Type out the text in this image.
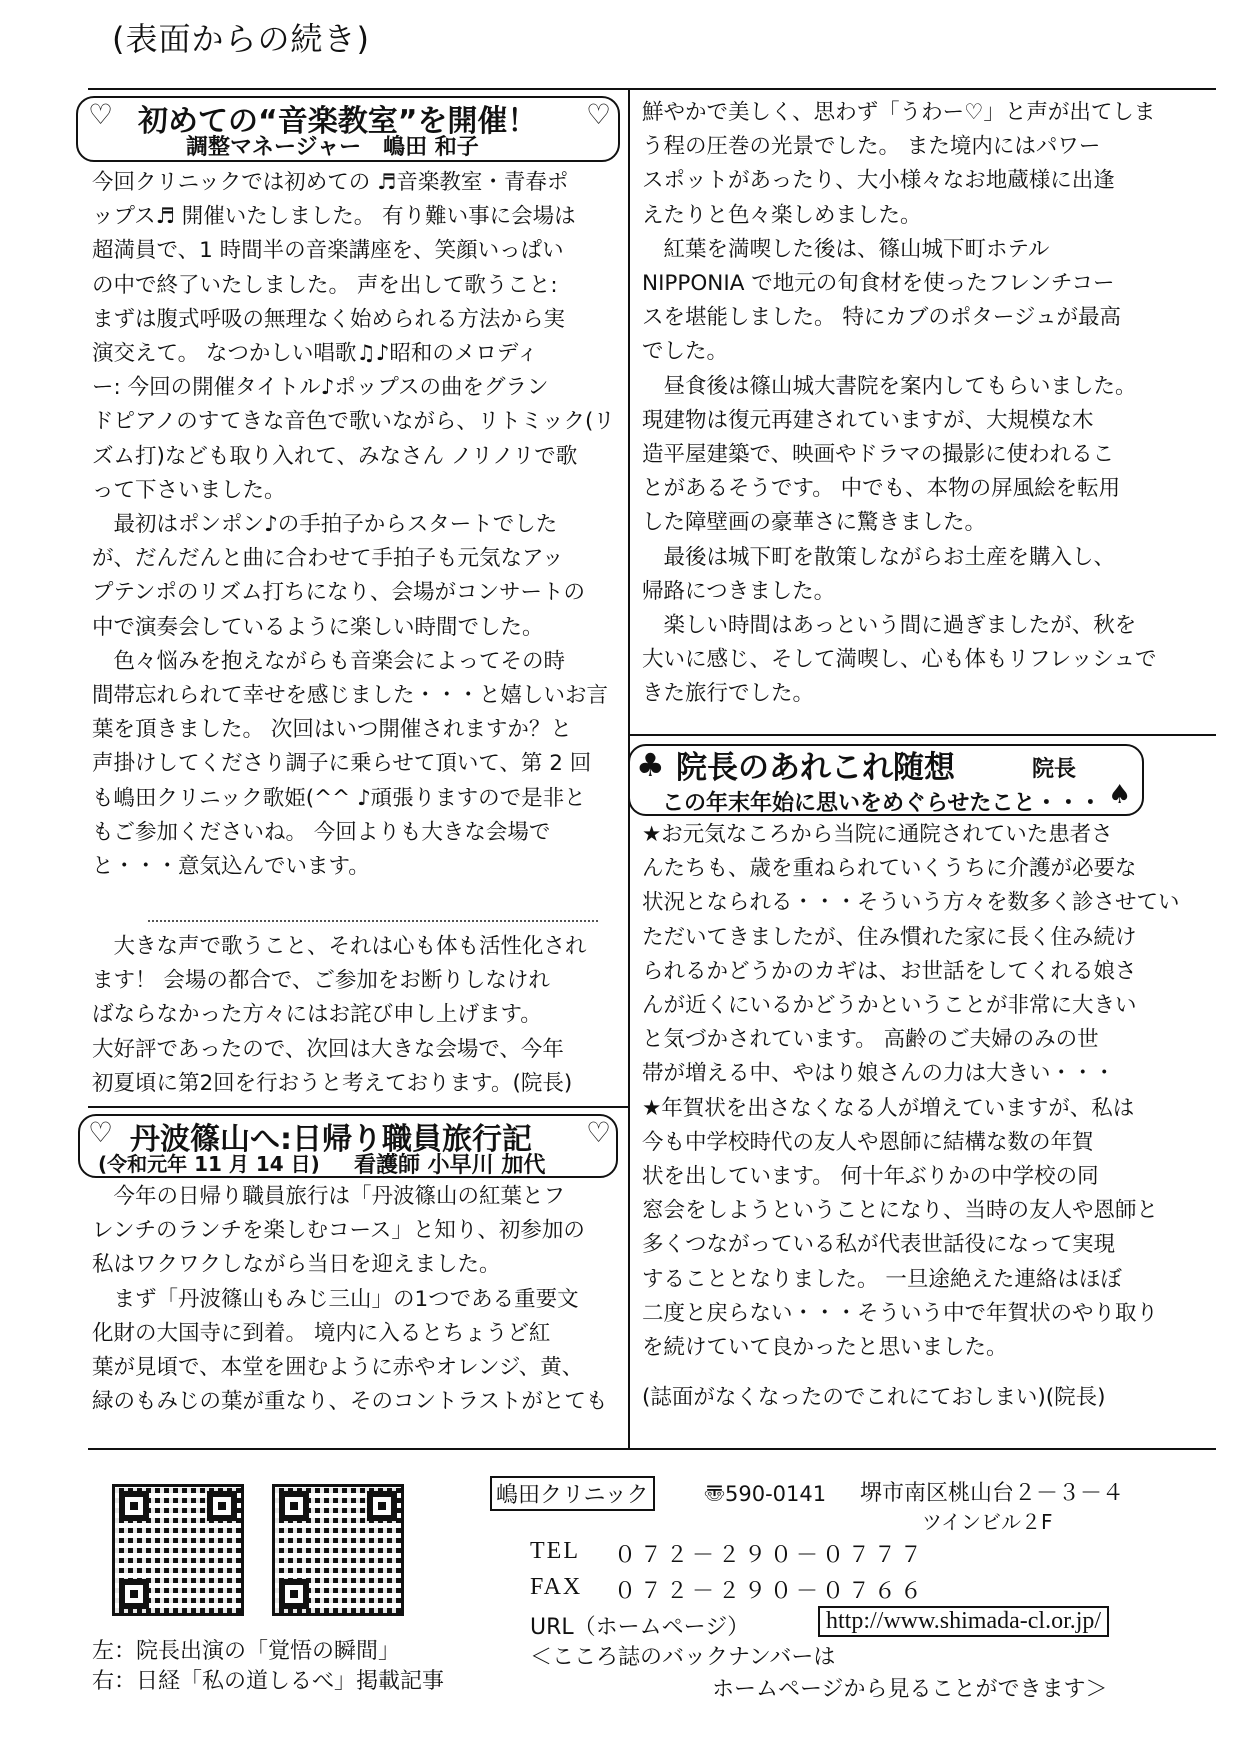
(表面からの続き)
♡ 初めての“音楽教室”を開催！ ♡
調整マネージャー　嶋田 和子

今回クリニックでは初めての ♬音楽教室・青春ポ

ップス♬ 開催いたしました。 有り難い事に会場は

超満員で、1 時間半の音楽講座を、笑顔いっぱい

の中で終了いたしました。 声を出して歌うこと:

まずは腹式呼吸の無理なく始められる方法から実

演交えて。 なつかしい唱歌♫♪昭和のメロディ

ー: 今回の開催タイトル♪ポップスの曲をグラン

ドピアノのすてきな音色で歌いながら、リトミック(リ

ズム打)なども取り入れて、みなさん ノリノリで歌

って下さいました。

　最初はポンポン♪の手拍子からスタートでした

が、だんだんと曲に合わせて手拍子も元気なアッ

プテンポのリズム打ちになり、会場がコンサートの

中で演奏会しているように楽しい時間でした。

　色々悩みを抱えながらも音楽会によってその時

間帯忘れられて幸せを感じました・・・と嬉しいお言

葉を頂きました。 次回はいつ開催されますか？と

声掛けしてくださり調子に乗らせて頂いて、第 2 回

も嶋田クリニック歌姫(^^ ♪頑張りますので是非と

もご参加くださいね。 今回よりも大きな会場で

と・・・意気込んでいます。

　大きな声で歌うこと、それは心も体も活性化され

ます！ 会場の都合で、ご参加をお断りしなけれ

ばならなかった方々にはお詫び申し上げます。

大好評であったので、次回は大きな会場で、今年

初夏頃に第2回を行おうと考えております。(院長)

♡ 丹波篠山へ:日帰り職員旅行記 ♡
(令和元年 11 月 14 日) 看護師 小早川 加代

　今年の日帰り職員旅行は「丹波篠山の紅葉とフ

レンチのランチを楽しむコース」と知り、初参加の

私はワクワクしながら当日を迎えました。

　まず「丹波篠山もみじ三山」の1つである重要文

化財の大国寺に到着。 境内に入るとちょうど紅

葉が見頃で、本堂を囲むように赤やオレンジ、黄、

緑のもみじの葉が重なり、そのコントラストがとても

鮮やかで美しく、思わず「うわー♡」と声が出てしま

う程の圧巻の光景でした。 また境内にはパワー

スポットがあったり、大小様々なお地蔵様に出逢

えたりと色々楽しめました。

　紅葉を満喫した後は、篠山城下町ホテル

NIPPONIA で地元の旬食材を使ったフレンチコー

スを堪能しました。 特にカブのポタージュが最高

でした。

　昼食後は篠山城大書院を案内してもらいました。

現建物は復元再建されていますが、大規模な木

造平屋建築で、映画やドラマの撮影に使われるこ

とがあるそうです。 中でも、本物の屏風絵を転用

した障壁画の豪華さに驚きました。

　最後は城下町を散策しながらお土産を購入し、

帰路につきました。

　楽しい時間はあっという間に過ぎましたが、秋を

大いに感じ、そして満喫し、心も体もリフレッシュで

きた旅行でした。

♣ 院長のあれこれ随想	院長
この年末年始に思いをめぐらせたこと・・・ ♠

★お元気なころから当院に通院されていた患者さ

んたちも、歳を重ねられていくうちに介護が必要な

状況となられる・・・そういう方々を数多く診させてい

ただいてきましたが、住み慣れた家に長く住み続け

られるかどうかのカギは、お世話をしてくれる娘さ

んが近くにいるかどうかということが非常に大きい

と気づかされています。 高齢のご夫婦のみの世

帯が増える中、やはり娘さんの力は大きい・・・

★年賀状を出さなくなる人が増えていますが、私は

今も中学校時代の友人や恩師に結構な数の年賀

状を出しています。 何十年ぶりかの中学校の同

窓会をしようということになり、当時の友人や恩師と

多くつながっている私が代表世話役になって実現

することとなりました。 一旦途絶えた連絡はほぼ

二度と戻らない・・・そういう中で年賀状のやり取り

を続けていて良かったと思いました。

(誌面がなくなったのでこれにておしまい)(院長)

左：院長出演の「覚悟の瞬間」
右：日経「私の道しるべ」掲載記事
嶋田クリニック	〠590-0141 堺市南区桃山台２－３－４
ツインビル２F
TEL ０７２－２９０－０７７７
FAX ０７２－２９０－０７６６
URL（ホームページ）	http://www.shimada-cl.or.jp/
＜こころ誌のバックナンバーは
ホームページから見ることができます＞
